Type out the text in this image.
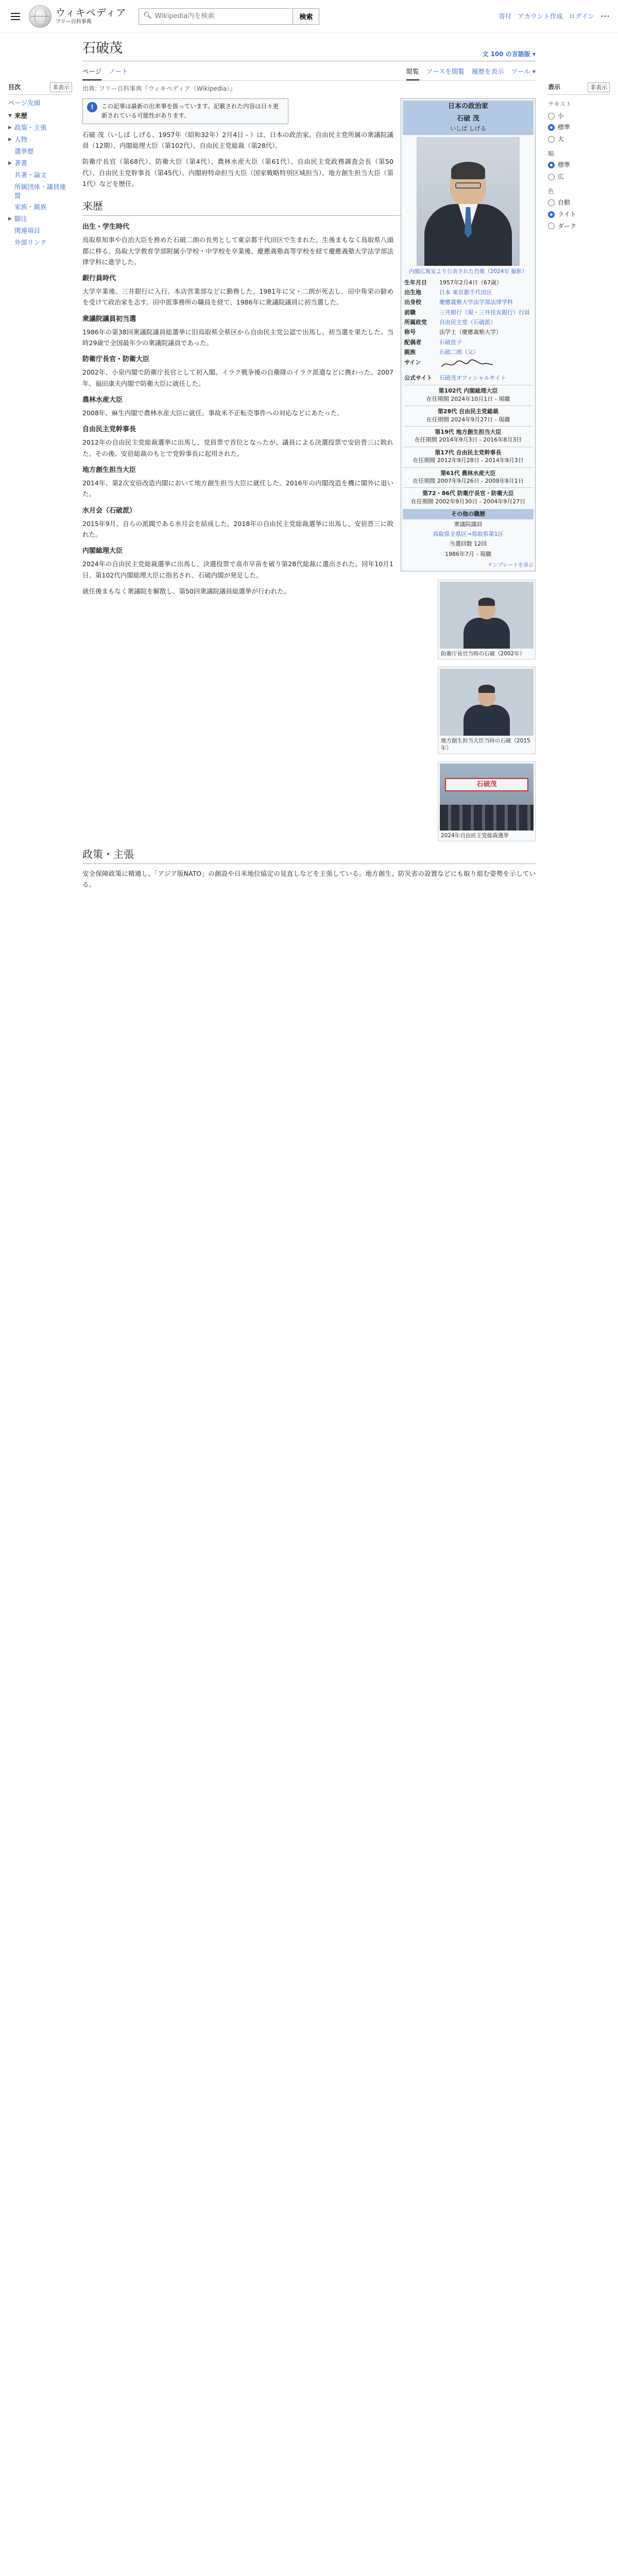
ウィキペディア
フリー百科事典
🔍︎
Wikipedia内を検索	検索	寄付 アカウント作成 ログイン ⋯
目次	非表示
ページ先頭
▼ 来歴
▶ 政策・主張
▶ 人物
選挙歴
▶ 著書
共著・論文
所属団体・議員連盟
家族・親族
▶ 脚注
関連項目
外部リンク
表示	非表示
テキスト
小
標準
大
幅
標準
広
色
自動
ライト
ダーク
石破茂	文 100 の言語版 ▾
ページ ノート	閲覧 ソースを閲覧 履歴を表示 ツール ▾
出典: フリー百科事典『ウィキペディア（Wikipedia）』
日本の政治家
石破 茂
いしば しげる
内閣広報室より公表された肖像（2024年 撮影）
生年月日	1957年2月4日（67歳）
出生地	日本 東京都千代田区
出身校	慶應義塾大学法学部法律学科
前職	三井銀行（現・三井住友銀行）行員
所属政党	自由民主党（石破派）
称号	法学士（慶應義塾大学）
配偶者	石破佳子
親族	石破二朗（父）
サイン	
公式サイト	石破茂オフィシャルサイト
第102代 内閣総理大臣
在任期間 2024年10月1日 - 現職
第28代 自由民主党総裁
在任期間 2024年9月27日 - 現職
第19代 地方創生担当大臣
在任期間 2014年9月3日 - 2016年8月3日
第17代 自由民主党幹事長
在任期間 2012年9月28日 - 2014年9月3日
第61代 農林水産大臣
在任期間 2007年9月26日 - 2008年8月1日
第72・86代 防衛庁長官・防衛大臣
在任期間 2002年9月30日 - 2004年9月27日
その他の職歴
衆議院議員
鳥取県全県区→鳥取県第1区
当選回数 12回
1986年7月 - 現職
テンプレートを表示
!	この記事は最新の出来事を扱っています。記載された内容は日々更新されている可能性があります。

石破 茂（いしば しげる、1957年（昭和32年）2月4日 - ）は、日本の政治家。自由民主党所属の衆議院議員（12期）、内閣総理大臣（第102代）、自由民主党総裁（第28代）。

防衛庁長官（第68代）、防衛大臣（第4代）、農林水産大臣（第61代）、自由民主党政務調査会長（第50代）、自由民主党幹事長（第45代）、内閣府特命担当大臣（国家戦略特別区域担当）、地方創生担当大臣（第1代）などを歴任。

来歴
出生・学生時代

鳥取県知事や自治大臣を務めた石破二朗の長男として東京都千代田区で生まれた。生後まもなく鳥取県八頭郡に移る。鳥取大学教育学部附属小学校・中学校を卒業後、慶應義塾高等学校を経て慶應義塾大学法学部法律学科に進学した。

銀行員時代

大学卒業後、三井銀行に入行。本店営業部などに勤務した。1981年に父・二朗が死去し、田中角栄の勧めを受けて政治家を志す。田中派事務所の職員を経て、1986年に衆議院議員に初当選した。

衆議院議員初当選

1986年の第38回衆議院議員総選挙に旧鳥取県全県区から自由民主党公認で出馬し、初当選を果たした。当時29歳で全国最年少の衆議院議員であった。

防衛庁長官当時の石破（2002年）
防衛庁長官・防衛大臣

2002年、小泉内閣で防衛庁長官として初入閣。イラク戦争後の自衛隊のイラク派遣などに携わった。2007年、福田康夫内閣で防衛大臣に就任した。

農林水産大臣

2008年、麻生内閣で農林水産大臣に就任。事故米不正転売事件への対応などにあたった。

自由民主党幹事長

2012年の自由民主党総裁選挙に出馬し、党員票で首位となったが、議員による決選投票で安倍晋三に敗れた。その後、安倍総裁のもとで党幹事長に起用された。

地方創生担当大臣当時の石破（2015年）
地方創生担当大臣

2014年、第2次安倍改造内閣において地方創生担当大臣に就任した。2016年の内閣改造を機に閣外に退いた。

水月会（石破派）

2015年9月、自らの派閥である水月会を結成した。2018年の自由民主党総裁選挙に出馬し、安倍晋三に敗れた。

石破茂
2024年自由民主党総裁選挙
内閣総理大臣

2024年の自由民主党総裁選挙に出馬し、決選投票で高市早苗を破り第28代総裁に選出された。同年10月1日、第102代内閣総理大臣に指名され、石破内閣が発足した。

就任後まもなく衆議院を解散し、第50回衆議院議員総選挙が行われた。

政策・主張

安全保障政策に精通し、「アジア版NATO」の創設や日米地位協定の見直しなどを主張している。地方創生、防災省の設置などにも取り組む姿勢を示している。
